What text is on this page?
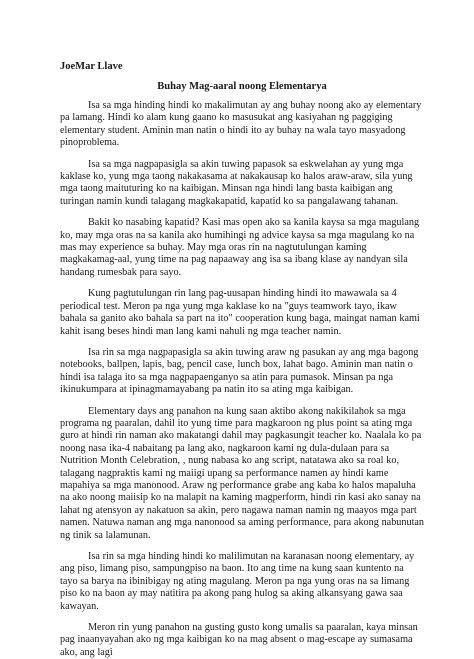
JoeMar Llave
Buhay Mag-aaral noong Elementarya

Isa sa mga hinding hindi ko makalimutan ay ang buhay noong ako ay elementary pa lamang. Hindi ko alam kung gaano ko masusukat ang kasiyahan ng paggiging elementary student. Aminin man natin o hindi ito ay buhay na wala tayo masyadong pinoproblema.

Isa sa mga nagpapasigla sa akin tuwing papasok sa eskwelahan ay yung mga kaklase ko, yung mga taong nakakasama at nakakausap ko halos araw-araw, sila yung mga taong maituturing ko na kaibigan. Minsan nga hindi lang basta kaibigan ang turingan namin kundi talagang magkakapatid, kapatid ko sa pangalawang tahanan.

Bakit ko nasabing kapatid? Kasi mas open ako sa kanila kaysa sa mga magulang ko, may mga oras na sa kanila ako humihingi ng advice kaysa sa mga magulang ko na mas may experience sa buhay. May mga oras rin na nagtutulungan kaming magkakamag-aal, yung time na pag napaaway ang isa sa ibang klase ay nandyan sila handang rumesbak para sayo.

Kung pagtutulungan rin lang pag-uusapan hinding hindi ito mawawala sa 4 periodical test. Meron pa nga yung mga kaklase ko na "guys teamwork tayo, ikaw bahala sa ganito ako bahala sa part na ito" cooperation kung baga, maingat naman kami kahit isang beses hindi man lang kami nahuli ng mga teacher namin.

Isa rin sa mga nagpapasigla sa akin tuwing araw ng pasukan ay ang mga bagong notebooks, ballpen, lapis, bag, pencil case, lunch box, lahat bago. Aminin man natin o hindi isa talaga ito sa mga nagpapaenganyo sa atin para pumasok. Minsan pa nga ikinukumpara at ipinagmamayabang pa natin ito sa ating mga kaibigan.

Elementary days ang panahon na kung saan aktibo akong nakikilahok sa mga programa ng paaralan, dahil ito yung time para magkaroon ng plus point sa ating mga guro at hindi rin naman ako makatangi dahil may pagkasungit teacher ko. Naalala ko pa noong nasa ika-4 nabaitang pa lang ako, nagkaroon kami ng dula-dulaan para sa Nutrition Month Celebration, , nung nabasa ko ang script, natatawa ako sa roal ko, talagang nagpraktis kami ng maiigi upang sa performance namen ay hindi kame mapahiya sa mga manonood. Araw ng performance grabe ang kaba ko halos mapaluha na ako noong maiisip ko na malapit na kaming magperform, hindi rin kasi ako sanay na lahat ng atensyon ay nakatuon sa akin, pero nagawa naman namin ng maayos mga part namen. Natuwa naman ang mga nanonood sa aming performance, para akong nabunutan ng tinik sa lalamunan.

Isa rin sa mga hinding hindi ko malilimutan na karanasan noong elementary, ay ang piso, limang piso, sampungpiso na baon. Ito ang time na kung saan kuntento na tayo sa barya na ibinibigay ng ating magulang. Meron pa nga yung oras na sa limang piso ko na baon ay may natitira pa akong pang hulog sa aking alkansyang gawa saa kawayan.

Meron rin yung panahon na gusting gusto kong umalis sa paaralan, kaya minsan pag inaanyayahan ako ng mga kaibigan ko na mag absent o mag-escape ay sumasama ako, ang lagi
